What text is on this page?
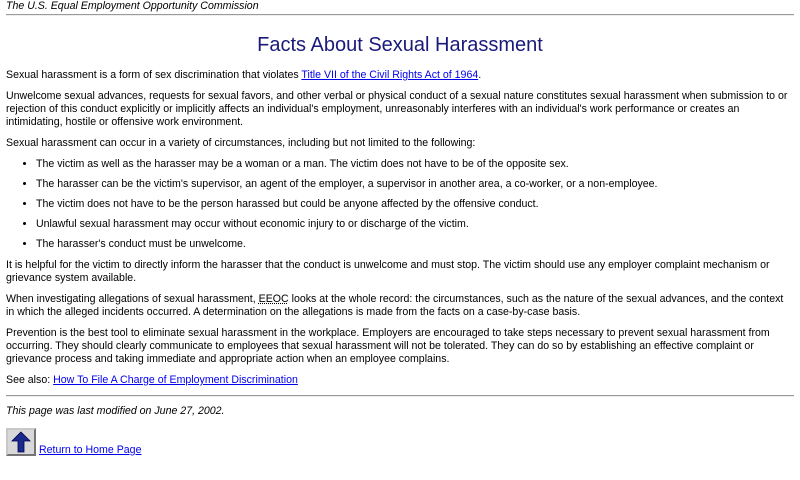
The U.S. Equal Employment Opportunity Commission

Facts About Sexual Harassment

Sexual harassment is a form of sex discrimination that violates Title VII of the Civil Rights Act of 1964.

Unwelcome sexual advances, requests for sexual favors, and other verbal or physical conduct of a sexual nature constitutes sexual harassment when submission to or rejection of this conduct explicitly or implicitly affects an individual's employment, unreasonably interferes with an individual's work performance or creates an intimidating, hostile or offensive work environment.

Sexual harassment can occur in a variety of circumstances, including but not limited to the following:

• The victim as well as the harasser may be a woman or a man. The victim does not have to be of the opposite sex.
• The harasser can be the victim's supervisor, an agent of the employer, a supervisor in another area, a co-worker, or a non-employee.
• The victim does not have to be the person harassed but could be anyone affected by the offensive conduct.
• Unlawful sexual harassment may occur without economic injury to or discharge of the victim.
• The harasser's conduct must be unwelcome.

It is helpful for the victim to directly inform the harasser that the conduct is unwelcome and must stop. The victim should use any employer complaint mechanism or grievance system available.

When investigating allegations of sexual harassment, EEOC looks at the whole record: the circumstances, such as the nature of the sexual advances, and the context in which the alleged incidents occurred. A determination on the allegations is made from the facts on a case-by-case basis.

Prevention is the best tool to eliminate sexual harassment in the workplace. Employers are encouraged to take steps necessary to prevent sexual harassment from occurring. They should clearly communicate to employees that sexual harassment will not be tolerated. They can do so by establishing an effective complaint or grievance process and taking immediate and appropriate action when an employee complains.

See also: How To File A Charge of Employment Discrimination

This page was last modified on June 27, 2002.

Return to Home Page
